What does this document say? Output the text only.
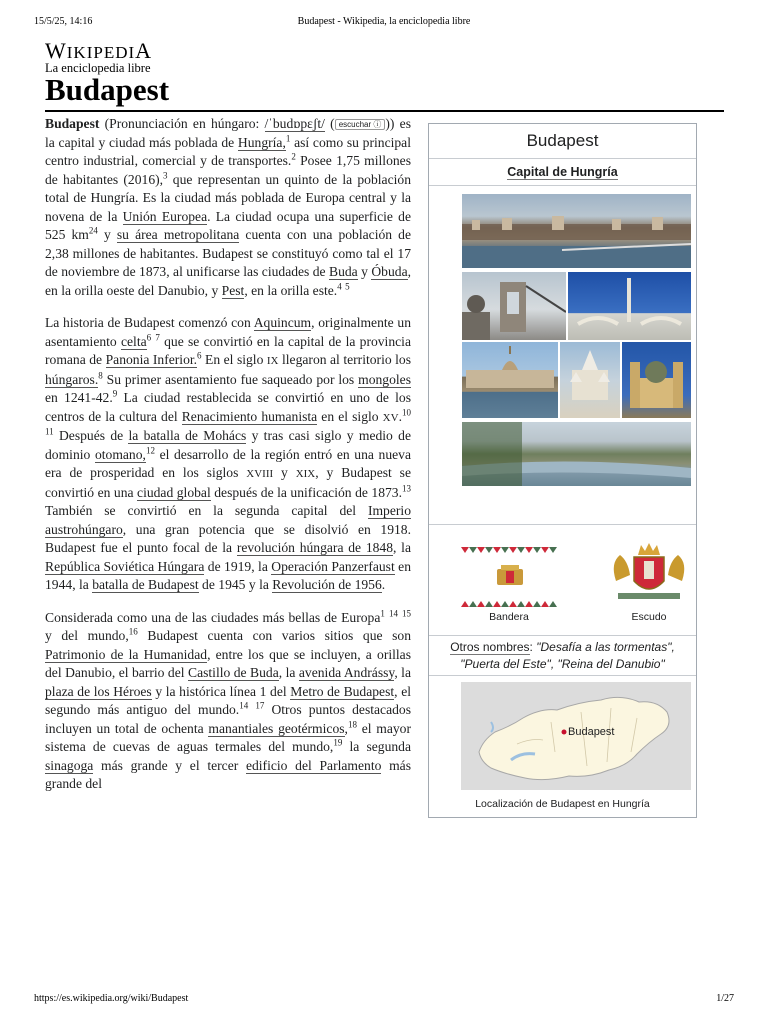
15/5/25, 14:16	Budapest - Wikipedia, la enciclopedia libre
WIKIPEDIA
La enciclopedia libre
Budapest

Budapest (Pronunciación en húngaro: /ˈbudɒpɛʃt/ ( escuchar ⓘ )) es la capital y ciudad más poblada de Hungría,$^1$ así como su principal centro industrial, comercial y de transportes.$^2$ Posee 1,75 millones de habitantes (2016),$^3$ que representan un quinto de la población total de Hungría. Es la ciudad más poblada de Europa central y la novena de la Unión Europea. La ciudad ocupa una superficie de 525 $km^{24}$ y su área metropolitana cuenta con una población de 2,38 millones de habitantes. Budapest se constituyó como tal el 17 de noviembre de 1873, al unificarse las ciudades de Buda y Óbuda, en la orilla oeste del Danubio, y Pest, en la orilla este.$^4$ $^5$

La historia de Budapest comenzó con Aquincum, originalmente un asentamiento celta$^6$ $^7$ que se convirtió en la capital de la provincia romana de Panonia Inferior.$^6$ En el siglo IX llegaron al territorio los húngaros.$^8$ Su primer asentamiento fue saqueado por los mongoles en 1241-42.$^9$ La ciudad restablecida se convirtió en uno de los centros de la cultura del Renacimiento humanista en el siglo XV.$^{10}$ $^{11}$ Después de la batalla de Mohács y tras casi siglo y medio de dominio otomano,$^{12}$ el desarrollo de la región entró en una nueva era de prosperidad en los siglos XVIII y XIX, y Budapest se convirtió en una ciudad global después de la unificación de 1873.13 También se convirtió en la segunda capital del Imperio austrohúngaro, una gran potencia que se disolvió en 1918. Budapest fue el punto focal de la revolución húngara de 1848, la República Soviética Húngara de 1919, la Operación Panzerfaust en 1944, la batalla de Budapest de 1945 y la Revolución de 1956.

Considerada como una de las ciudades más bellas de Europa$^1$ $^{14}$ $^{15}$ y del mundo,$^{16}$ Budapest cuenta con varios sitios que son Patrimonio de la Humanidad, entre los que se incluyen, a orillas del Danubio, el barrio del Castillo de Buda, la avenida Andrássy, la plaza de los Héroes y la histórica línea 1 del Metro de Budapest, el segundo más antiguo del mundo.$^{14}$ $^{17}$ Otros puntos destacados incluyen un total de ochenta manantiales geotérmicos,$^{18}$ el mayor sistema de cuevas de aguas termales del mundo,$^{19}$ la segunda sinagoga más grande y el tercer edificio del Parlamento más grande del

Budapest
Capital de Hungría
Bandera	Escudo
Otros nombres: "Desafía a las tormentas", "Puerta del Este", "Reina del Danubio"
Budapest
Localización de Budapest en Hungría
https://es.wikipedia.org/wiki/Budapest	1/27
